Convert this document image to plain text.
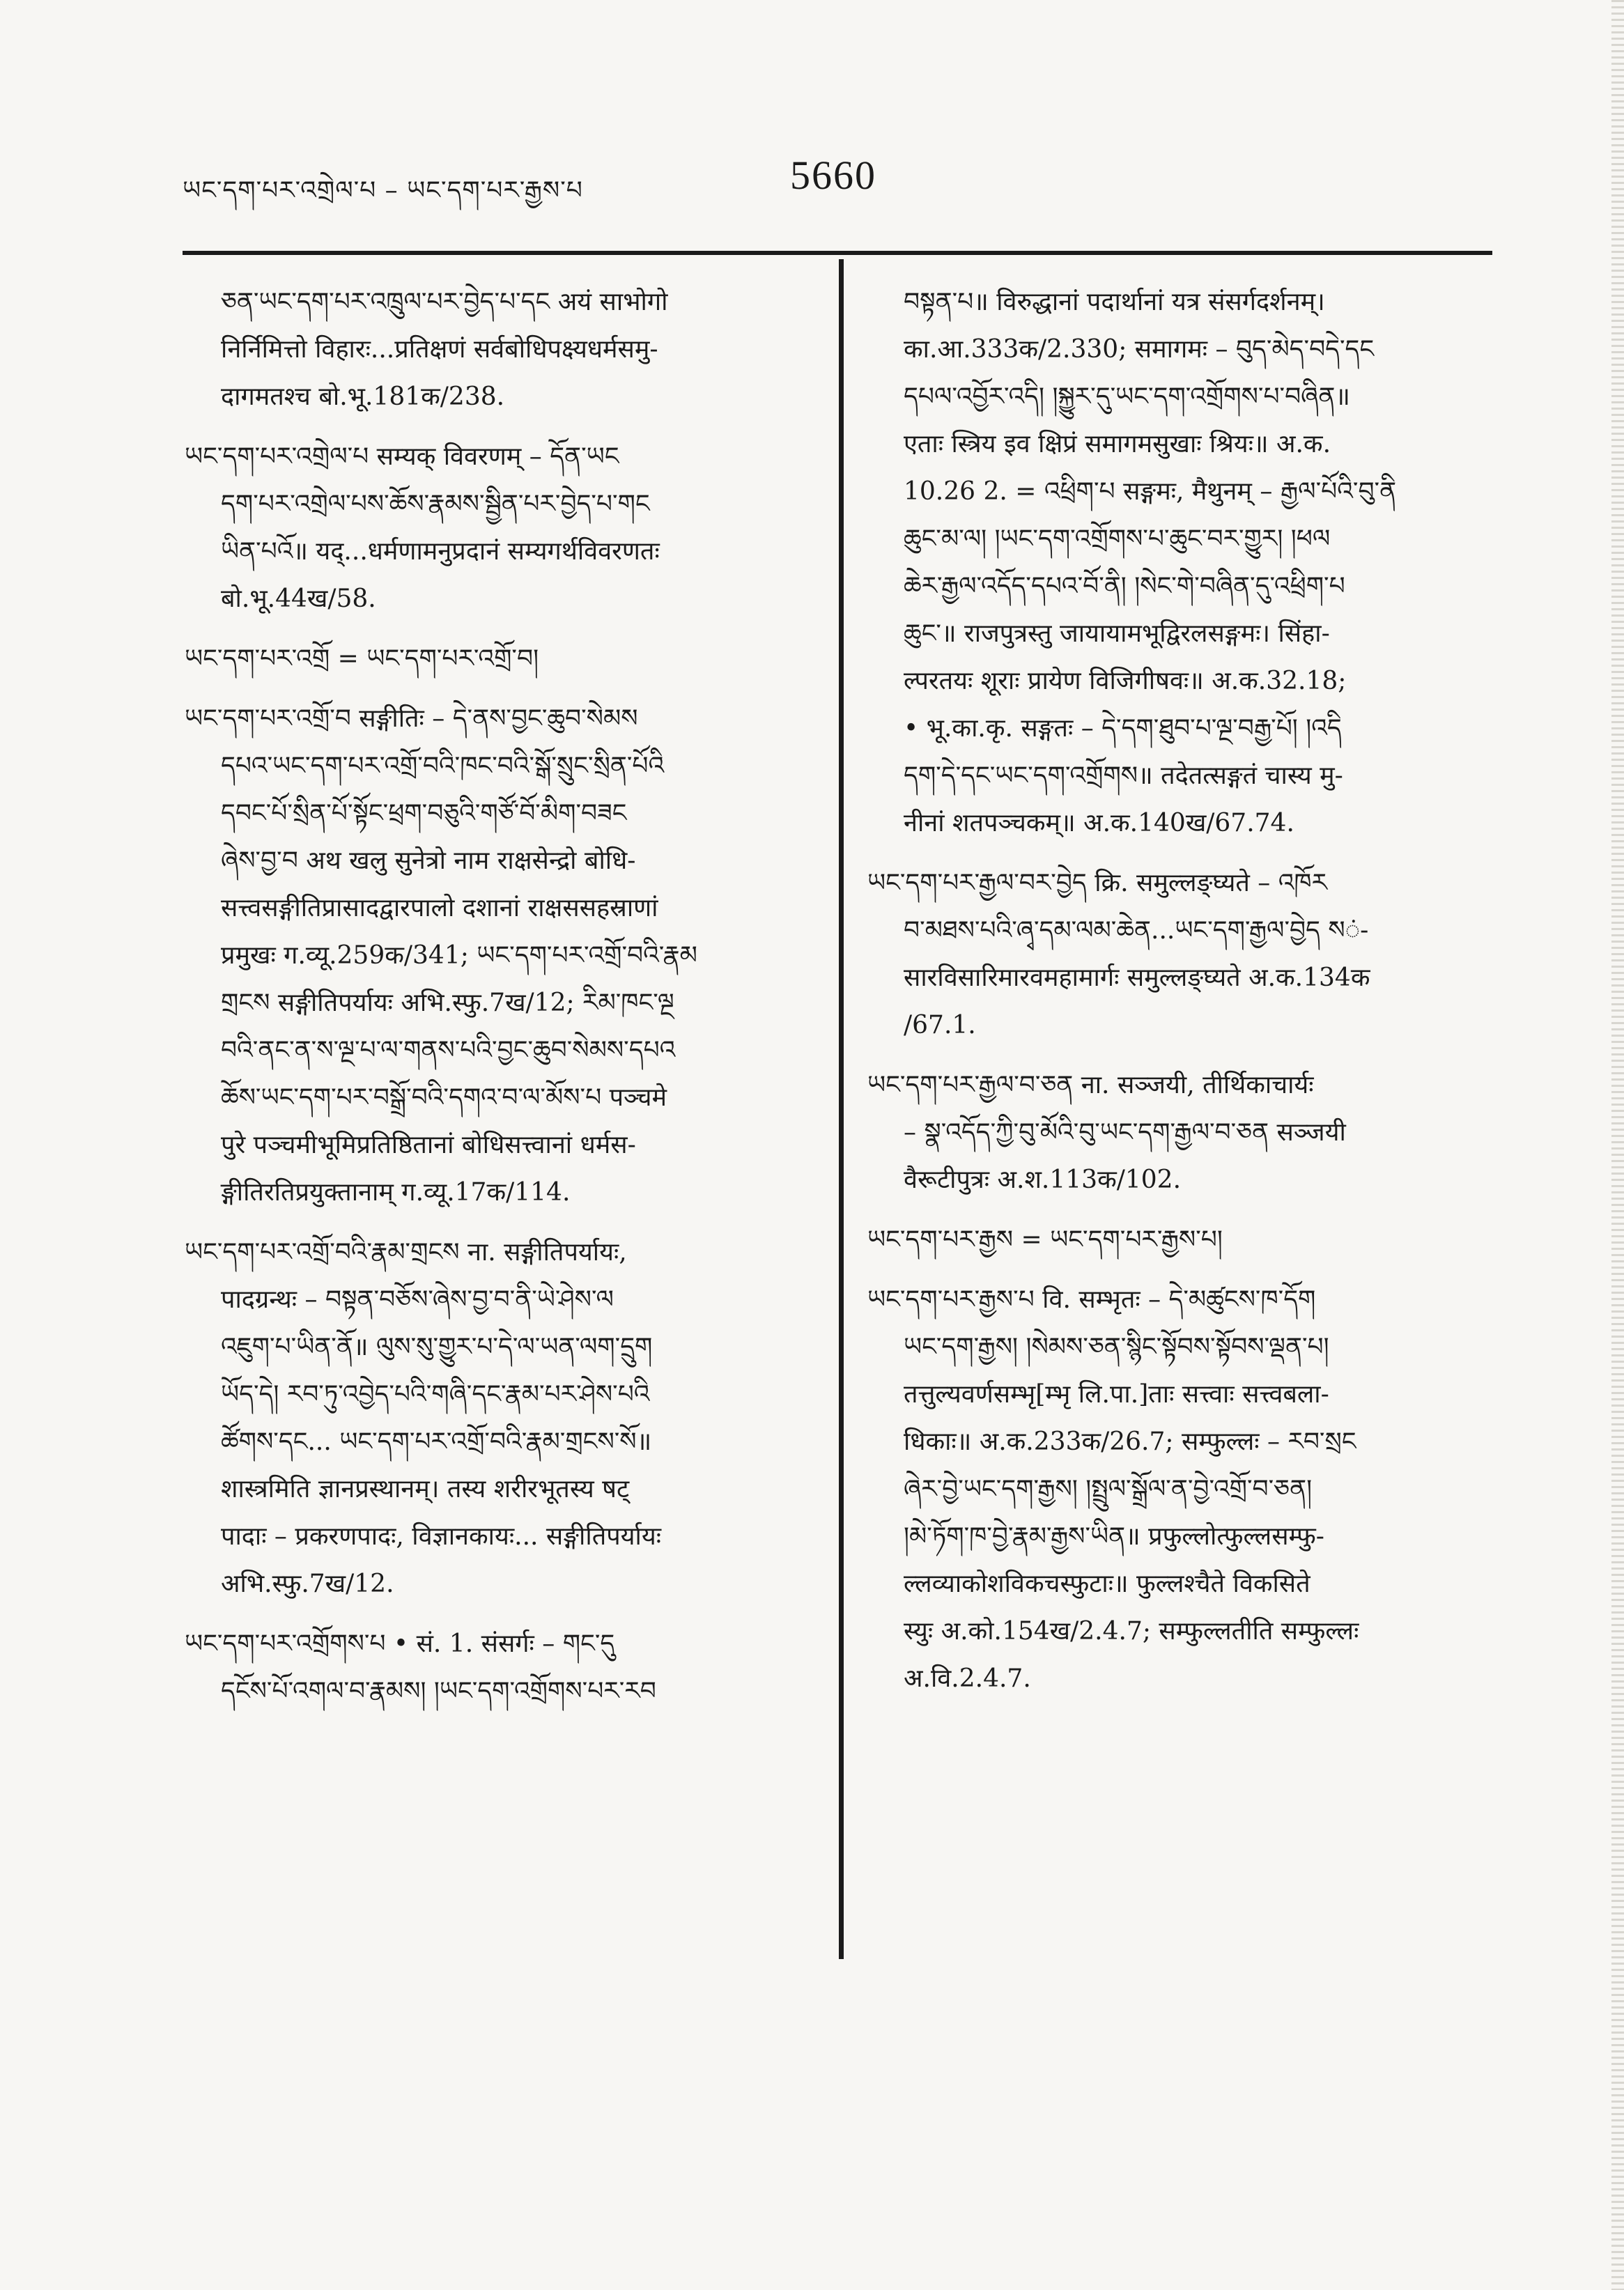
ཡང་དག་པར་འགྲེལ་པ – ཡང་དག་པར་རྒྱས་པ	5660
ཅན་ཡང་དག་པར་འཁྲུལ་པར་བྱེད་པ་དང अयं साभोगो
निर्निमित्तो विहारः...प्रतिक्षणं सर्वबोधिपक्ष्यधर्मसमु-
दागमतश्च बो.भू.181क/238.
ཡང་དག་པར་འགྲེལ་པ सम्यक् विवरणम् – དོན་ཡང
དག་པར་འགྲེལ་པས་ཆོས་རྣམས་སྦྱིན་པར་བྱེད་པ་གང
ཡིན་པའོ॥ यद्...धर्मणामनुप्रदानं सम्यगर्थविवरणतः
बो.भू.44ख/58.
ཡང་དག་པར་འགྲོ = ཡང་དག་པར་འགྲོ་བ།
ཡང་དག་པར་འགྲོ་བ सङ्गीतिः – དེ་ནས་བྱང་ཆུབ་སེམས
དཔའ་ཡང་དག་པར་འགྲོ་བའི་ཁང་བའི་སྒོ་སྲུང་སྲིན་པོའི
དབང་པོ་སྲིན་པོ་སྟོང་ཕྲག་བཅུའི་གཙོ་བོ་མིག་བཟང
ཞེས་བྱ་བ अथ खलु सुनेत्रो नाम राक्षसेन्द्रो बोधि-
सत्त्वसङ्गीतिप्रासादद्वारपालो दशानां राक्षससहस्राणां
प्रमुखः ग.व्यू.259क/341; ཡང་དག་པར་འགྲོ་བའི་རྣམ
གྲངས सङ्गीतिपर्यायः अभि.स्फु.7ख/12; རིམ་ཁང་ལྔ
བའི་ནང་ན་ས་ལྔ་པ་ལ་གནས་པའི་བྱང་ཆུབ་སེམས་དཔའ
ཆོས་ཡང་དག་པར་བསྒྲོ་བའི་དགའ་བ་ལ་མོས་པ पञ्चमे
पुरे पञ्चमीभूमिप्रतिष्ठितानां बोधिसत्त्वानां धर्मस-
ङ्गीतिरतिप्रयुक्तानाम् ग.व्यू.17क/114.
ཡང་དག་པར་འགྲོ་བའི་རྣམ་གྲངས ना. सङ्गीतिपर्यायः,
पादग्रन्थः – བསྟན་བཅོས་ཞེས་བྱ་བ་ནི་ཡེ་ཤེས་ལ
འཇུག་པ་ཡིན་ནོ॥ ལུས་སུ་གྱུར་པ་དེ་ལ་ཡན་ལག་དྲུག
ཡོད་དེ། རབ་ཏུ་འབྱེད་པའི་གཞི་དང་རྣམ་པར་ཤེས་པའི
ཚོགས་དང... ཡང་དག་པར་འགྲོ་བའི་རྣམ་གྲངས་སོ॥
शास्त्रमिति ज्ञानप्रस्थानम्। तस्य शरीरभूतस्य षट्
पादाः – प्रकरणपादः, विज्ञानकायः... सङ्गीतिपर्यायः
अभि.स्फु.7ख/12.
ཡང་དག་པར་འགྲོགས་པ • सं. 1. संसर्गः – གང་དུ
དངོས་པོ་འགལ་བ་རྣམས། །ཡང་དག་འགྲོགས་པར་རབ
བསྟན་པ॥ विरुद्धानां पदार्थानां यत्र संसर्गदर्शनम्।
का.आ.333क/2.330; समागमः – བུད་མེད་བདེ་དང
དཔལ་འབྱོར་འདི། །སྐྱུར་དུ་ཡང་དག་འགྲོགས་པ་བཞིན॥
एताः स्त्रिय इव क्षिप्रं समागमसुखाः श्रियः॥ अ.क.
10.26 2. = འཕྲིག་པ सङ्गमः, मैथुनम् – རྒྱལ་པོའི་བུ་ནི
ཆུང་མ་ལ། །ཡང་དག་འགྲོགས་པ་ཆུང་བར་གྱུར། །ཕལ
ཆེར་རྒྱལ་འདོད་དཔའ་བོ་ནི། །སེང་གེ་བཞིན་དུ་འཕྲིག་པ
ཆུང་॥ राजपुत्रस्तु जायायामभूद्विरलसङ्गमः। सिंहा-
ल्परतयः शूराः प्रायेण विजिगीषवः॥ अ.क.32.18;
• भू.का.कृ. सङ्गतः – དེ་དག་ཐུབ་པ་ལྔ་བརྒྱ་པོ། །འདི
དག་དེ་དང་ཡང་དག་འགྲོགས॥ तदेतत्सङ्गतं चास्य मु-
नीनां शतपञ्चकम्॥ अ.क.140ख/67.74.
ཡང་དག་པར་རྒྱལ་བར་བྱེད क्रि. समुल्लङ्घ्यते – འཁོར
བ་མཐས་པའི་ཞྭ་དམ་ལམ་ཆེན...ཡང་དག་རྒྱལ་བྱེད སं-
सारविसारिमारवमहामार्गः समुल्लङ्घ्यते अ.क.134क
/67.1.
ཡང་དག་པར་རྒྱལ་བ་ཅན ना. सञ्जयी, तीर्थिकाचार्यः
– སྣ་འདོད་ཀྱི་བུ་མོའི་བུ་ཡང་དག་རྒྱལ་བ་ཅན सञ्जयी
वैरूटीपुत्रः अ.श.113क/102.
ཡང་དག་པར་རྒྱས = ཡང་དག་པར་རྒྱས་པ།
ཡང་དག་པར་རྒྱས་པ वि. सम्भृतः – དེ་མཚུངས་ཁ་དོག
ཡང་དག་རྒྱས། །སེམས་ཅན་སྙིང་སྟོབས་སྟོབས་ལྡན་པ།
तत्तुल्यवर्णसम्भृ[म्भृ लि.पा.]ताः सत्त्वाः सत्त्वबला-
धिकाः॥ अ.क.233क/26.7; सम्फुल्लः – རབ་སྲང
ཞེར་བྱེ་ཡང་དག་རྒྱས། །སྤྲུལ་སྒྲོལ་ན་བྱེ་འགྲོ་བ་ཅན།
།མེ་ཏོག་ཁ་བྱེ་རྣམ་རྒྱས་ཡིན॥ प्रफुल्लोत्फुल्लसम्फु-
ल्लव्याकोशविकचस्फुटाः॥ फुल्लश्चैते विकसिते
स्युः अ.को.154ख/2.4.7; सम्फुल्लतीति सम्फुल्लः
अ.वि.2.4.7.
